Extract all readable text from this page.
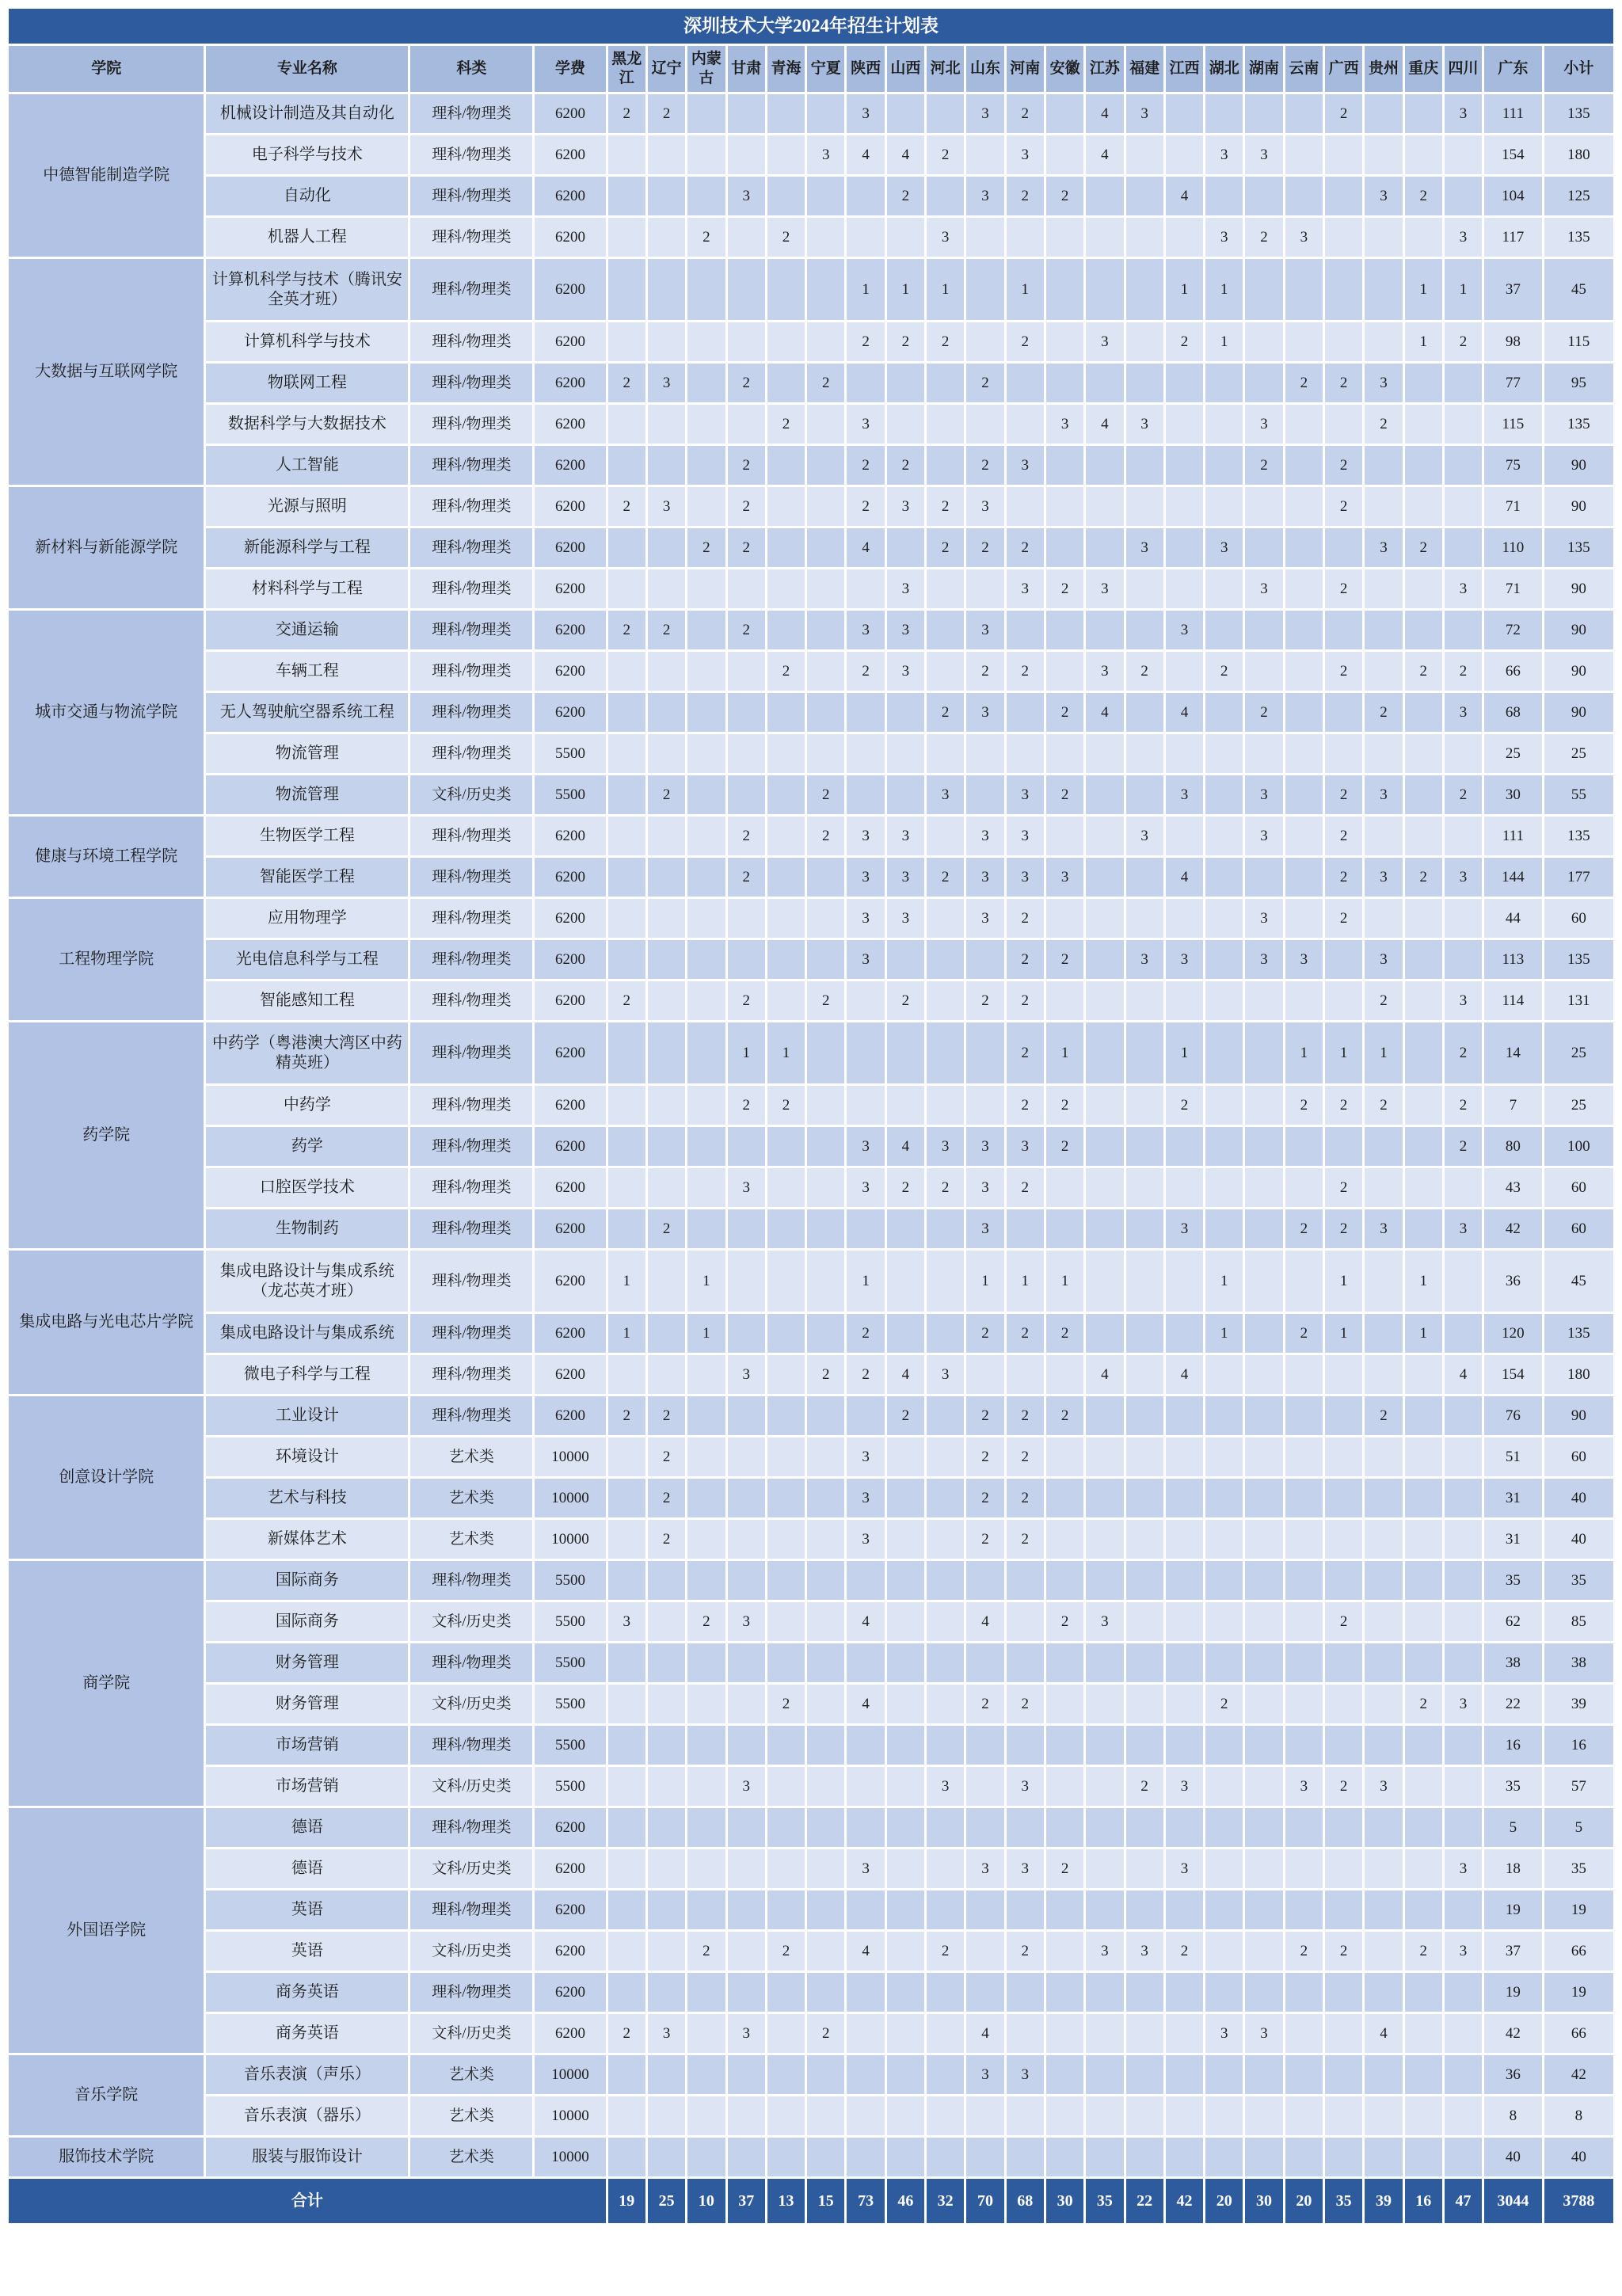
深圳技术大学2024年招生计划表																											
学院	专业名称	科类	学费	黑龙江	辽宁	内蒙古	甘肃	青海	宁夏	陕西	山西	河北	山东	河南	安徽	江苏	福建	江西	湖北	湖南	云南	广西	贵州	重庆	四川	广东	小计
中德智能制造学院	机械设计制造及其自动化	理科/物理类	6200	2	2					3			3	2		4	3					2			3	111	135
	电子科学与技术	理科/物理类	6200						3	4	4	2		3		4			3	3						154	180
	自动化	理科/物理类	6200				3				2		3	2	2			4					3	2		104	125
	机器人工程	理科/物理类	6200			2		2				3							3	2	3				3	117	135
大数据与互联网学院	计算机科学与技术（腾讯安全英才班）	理科/物理类	6200							1	1	1		1				1	1					1	1	37	45
	计算机科学与技术	理科/物理类	6200							2	2	2		2		3		2	1					1	2	98	115
	物联网工程	理科/物理类	6200	2	3		2		2				2								2	2	3			77	95
	数据科学与大数据技术	理科/物理类	6200					2		3					3	4	3			3			2			115	135
	人工智能	理科/物理类	6200				2			2	2		2	3						2		2				75	90
新材料与新能源学院	光源与照明	理科/物理类	6200	2	3		2			2	3	2	3									2				71	90
	新能源科学与工程	理科/物理类	6200			2	2			4		2	2	2			3		3				3	2		110	135
	材料科学与工程	理科/物理类	6200								3			3	2	3				3		2			3	71	90
城市交通与物流学院	交通运输	理科/物理类	6200	2	2		2			3	3		3					3								72	90
	车辆工程	理科/物理类	6200					2		2	3		2	2		3	2		2			2		2	2	66	90
	无人驾驶航空器系统工程	理科/物理类	6200									2	3		2	4		4		2			2		3	68	90
	物流管理	理科/物理类	5500																							25	25
	物流管理	文科/历史类	5500		2				2			3		3	2			3		3		2	3		2	30	55
健康与环境工程学院	生物医学工程	理科/物理类	6200				2		2	3	3		3	3			3			3		2				111	135
	智能医学工程	理科/物理类	6200				2			3	3	2	3	3	3			4				2	3	2	3	144	177
工程物理学院	应用物理学	理科/物理类	6200							3	3		3	2						3		2				44	60
	光电信息科学与工程	理科/物理类	6200							3				2	2		3	3		3	3		3			113	135
	智能感知工程	理科/物理类	6200	2			2		2		2		2	2									2		3	114	131
药学院	中药学（粤港澳大湾区中药精英班）	理科/物理类	6200				1	1						2	1			1			1	1	1		2	14	25
	中药学	理科/物理类	6200				2	2						2	2			2			2	2	2		2	7	25
	药学	理科/物理类	6200							3	4	3	3	3	2										2	80	100
	口腔医学技术	理科/物理类	6200				3			3	2	2	3	2								2				43	60
	生物制药	理科/物理类	6200		2								3					3			2	2	3		3	42	60
集成电路与光电芯片学院	集成电路设计与集成系统（龙芯英才班）	理科/物理类	6200	1		1				1			1	1	1				1			1		1		36	45
	集成电路设计与集成系统	理科/物理类	6200	1		1				2			2	2	2				1		2	1		1		120	135
	微电子科学与工程	理科/物理类	6200				3		2	2	4	3				4		4							4	154	180
创意设计学院	工业设计	理科/物理类	6200	2	2						2		2	2	2								2			76	90
	环境设计	艺术类	10000		2					3			2	2												51	60
	艺术与科技	艺术类	10000		2					3			2	2												31	40
	新媒体艺术	艺术类	10000		2					3			2	2												31	40
商学院	国际商务	理科/物理类	5500																							35	35
	国际商务	文科/历史类	5500	3		2	3			4			4		2	3						2				62	85
	财务管理	理科/物理类	5500																							38	38
	财务管理	文科/历史类	5500					2		4			2	2					2					2	3	22	39
	市场营销	理科/物理类	5500																							16	16
	市场营销	文科/历史类	5500				3					3		3			2	3			3	2	3			35	57
外国语学院	德语	理科/物理类	6200																							5	5
	德语	文科/历史类	6200							3			3	3	2			3							3	18	35
	英语	理科/物理类	6200																							19	19
	英语	文科/历史类	6200			2		2		4		2		2		3	3	2			2	2		2	3	37	66
	商务英语	理科/物理类	6200																							19	19
	商务英语	文科/历史类	6200	2	3		3		2				4						3	3			4			42	66
音乐学院	音乐表演（声乐）	艺术类	10000										3	3												36	42
	音乐表演（器乐）	艺术类	10000																							8	8
服饰技术学院	服装与服饰设计	艺术类	10000																							40	40
合计				19	25	10	37	13	15	73	46	32	70	68	30	35	22	42	20	30	20	35	39	16	47	3044	3788
